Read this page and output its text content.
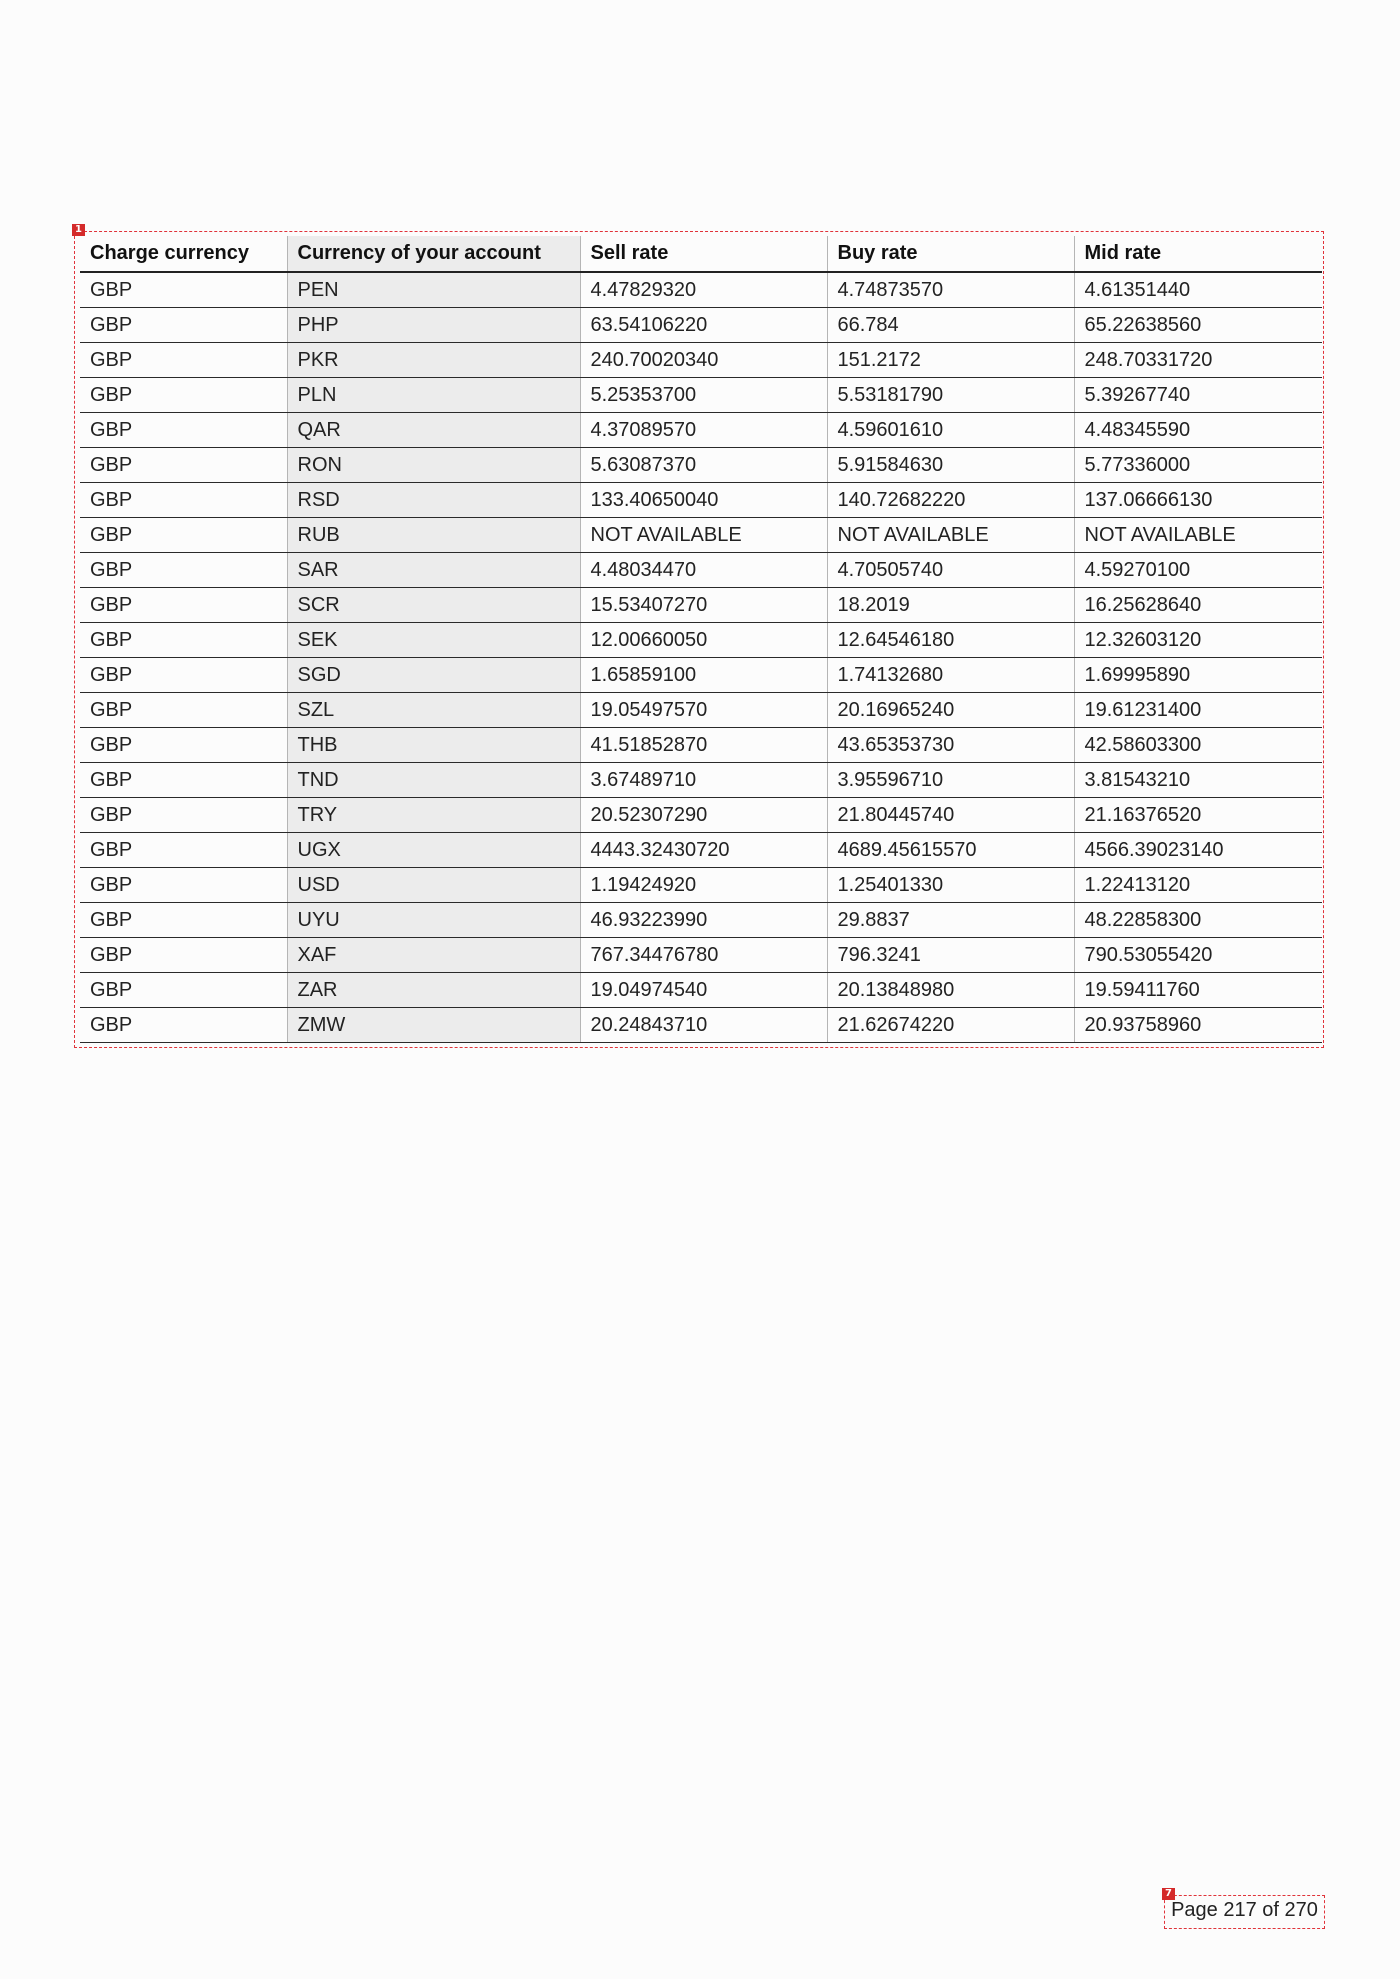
1
Charge currency	Currency of your account	Sell rate	Buy rate	Mid rate
GBP	PEN	4.47829320	4.74873570	4.61351440
GBP	PHP	63.54106220	66.784	65.22638560
GBP	PKR	240.70020340	151.2172	248.70331720
GBP	PLN	5.25353700	5.53181790	5.39267740
GBP	QAR	4.37089570	4.59601610	4.48345590
GBP	RON	5.63087370	5.91584630	5.77336000
GBP	RSD	133.40650040	140.72682220	137.06666130
GBP	RUB	NOT AVAILABLE	NOT AVAILABLE	NOT AVAILABLE
GBP	SAR	4.48034470	4.70505740	4.59270100
GBP	SCR	15.53407270	18.2019	16.25628640
GBP	SEK	12.00660050	12.64546180	12.32603120
GBP	SGD	1.65859100	1.74132680	1.69995890
GBP	SZL	19.05497570	20.16965240	19.61231400
GBP	THB	41.51852870	43.65353730	42.58603300
GBP	TND	3.67489710	3.95596710	3.81543210
GBP	TRY	20.52307290	21.80445740	21.16376520
GBP	UGX	4443.32430720	4689.45615570	4566.39023140
GBP	USD	1.19424920	1.25401330	1.22413120
GBP	UYU	46.93223990	29.8837	48.22858300
GBP	XAF	767.34476780	796.3241	790.53055420
GBP	ZAR	19.04974540	20.13848980	19.59411760
GBP	ZMW	20.24843710	21.62674220	20.93758960
7
Page 217 of 270
